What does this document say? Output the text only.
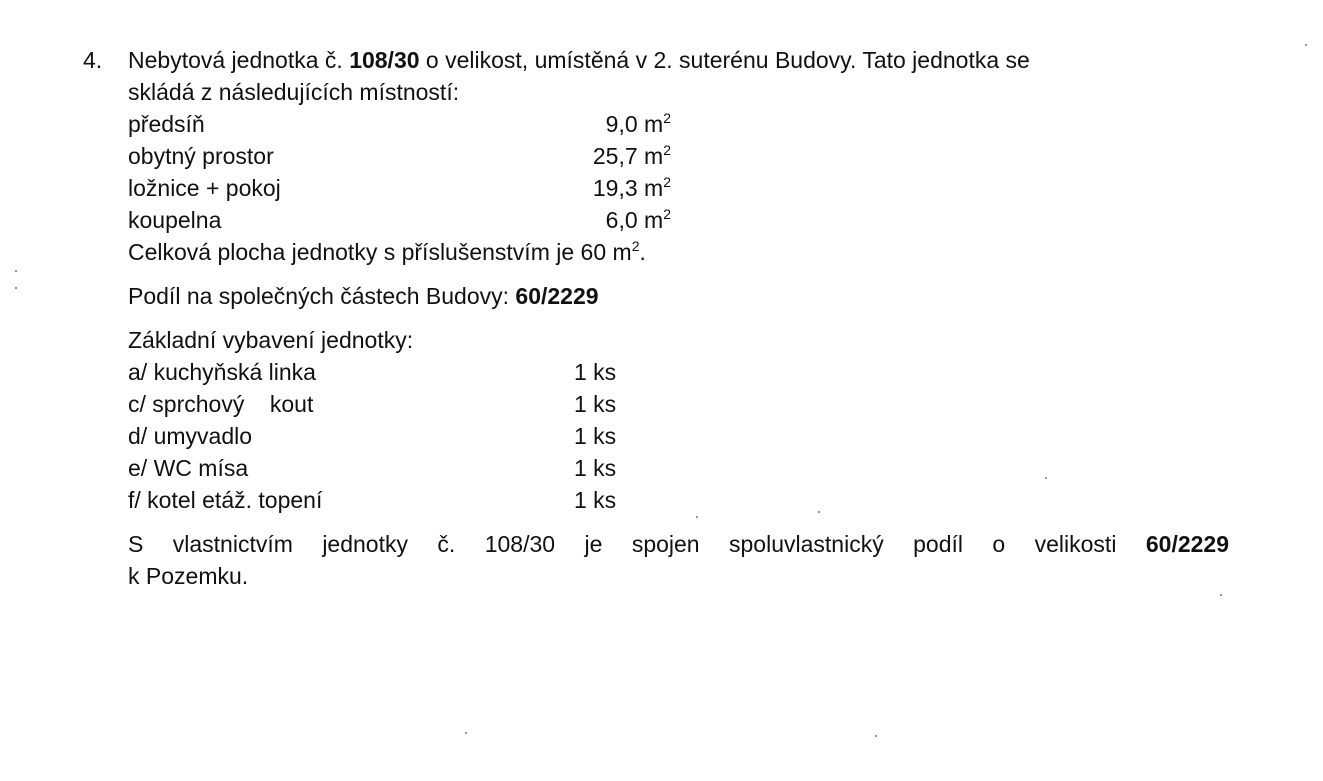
4. Nebytová jednotka č. 108/30 o velikost, umístěná v 2. suterénu Budovy. Tato jednotka se

skládá z následujících místností:

předsíň	9,0 $m^2$
obytný prostor	25,7 $m^2$
ložnice + pokoj	19,3 $m^2$
koupelna	6,0 $m^2$

Celková plocha jednotky s příslušenstvím je 60 $m^2$.

Podíl na společných částech Budovy: 60/2229

Základní vybavení jednotky:

a/ kuchyňská linka	1 ks
c/ sprchový    kout	1 ks
d/ umyvadlo	1 ks
e/ WC mísa	1 ks
f/ kotel etáž. topení	1 ks

S vlastnictvím jednotky č. 108/30 je spojen spoluvlastnický podíl o velikosti 60/2229

k Pozemku.
